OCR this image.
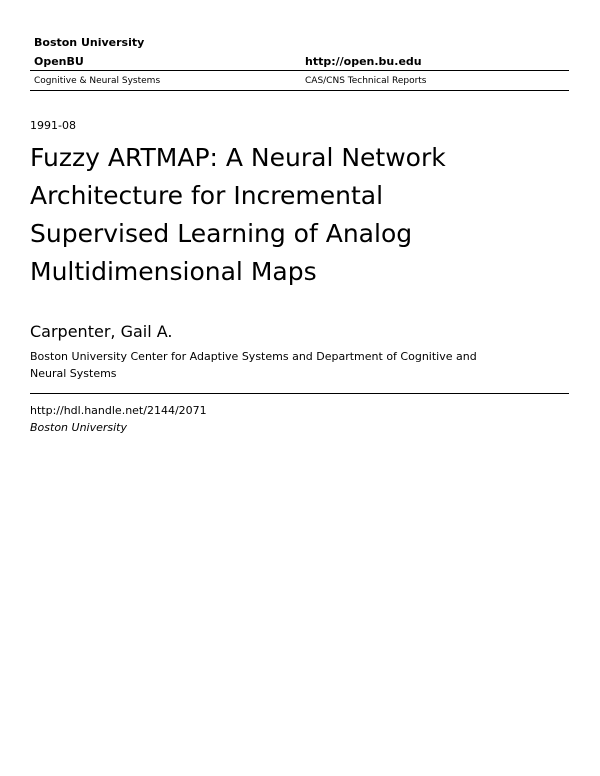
Boston University
OpenBU	http://open.bu.edu
Cognitive & Neural Systems	CAS/CNS Technical Reports
1991-08
Fuzzy ARTMAP: A Neural Network Architecture for Incremental Supervised Learning of Analog Multidimensional Maps
Carpenter, Gail A.
Boston University Center for Adaptive Systems and Department of Cognitive and Neural Systems
http://hdl.handle.net/2144/2071
Boston University
